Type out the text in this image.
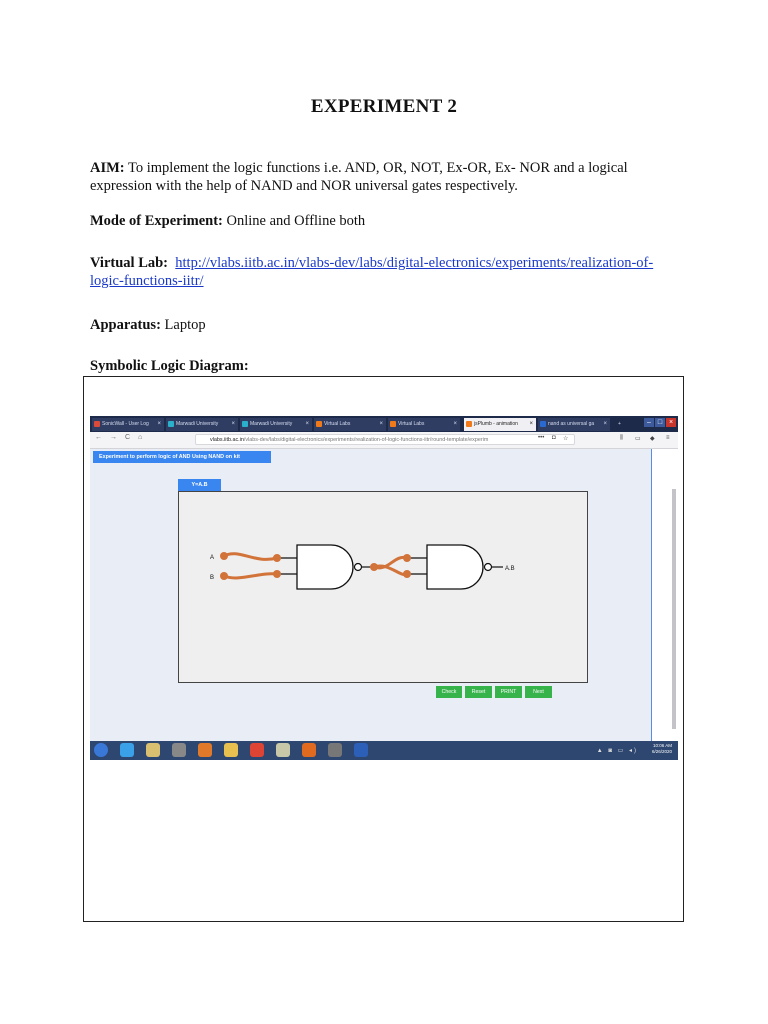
EXPERIMENT 2
AIM: To implement the logic functions i.e. AND, OR, NOT, Ex-OR, Ex- NOR and a logical
expression with the help of NAND and NOR universal gates respectively.
Mode of Experiment: Online and Offline both
Virtual Lab: http://vlabs.iitb.ac.in/vlabs-dev/labs/digital-electronics/experiments/realization-of-
logic-functions-iitr/
Apparatus: Laptop
Symbolic Logic Diagram:
SonicWall - User Log ×	Marwadi University ×	Marwadi University ×	Virtual Labs	×	Virtual Labs	×	jsPlumb - animation ×	nand as universal ga ×	+	– □ ×
← → C ⌂	vlabs.iitb.ac.in/vlabs-dev/labs/digital-electronics/experiments/realization-of-logic-functions-iitr/round-template/experim	••• ◘ ☆	⫼ ▭ ◆ ≡
Experiment to perform logic of AND Using NAND on kit
Y=A.B
A
B
A.B
Check	Reset	PRINT	Next
▲ ◙ ▭ ◂)
10:06 AM
6/26/2020
